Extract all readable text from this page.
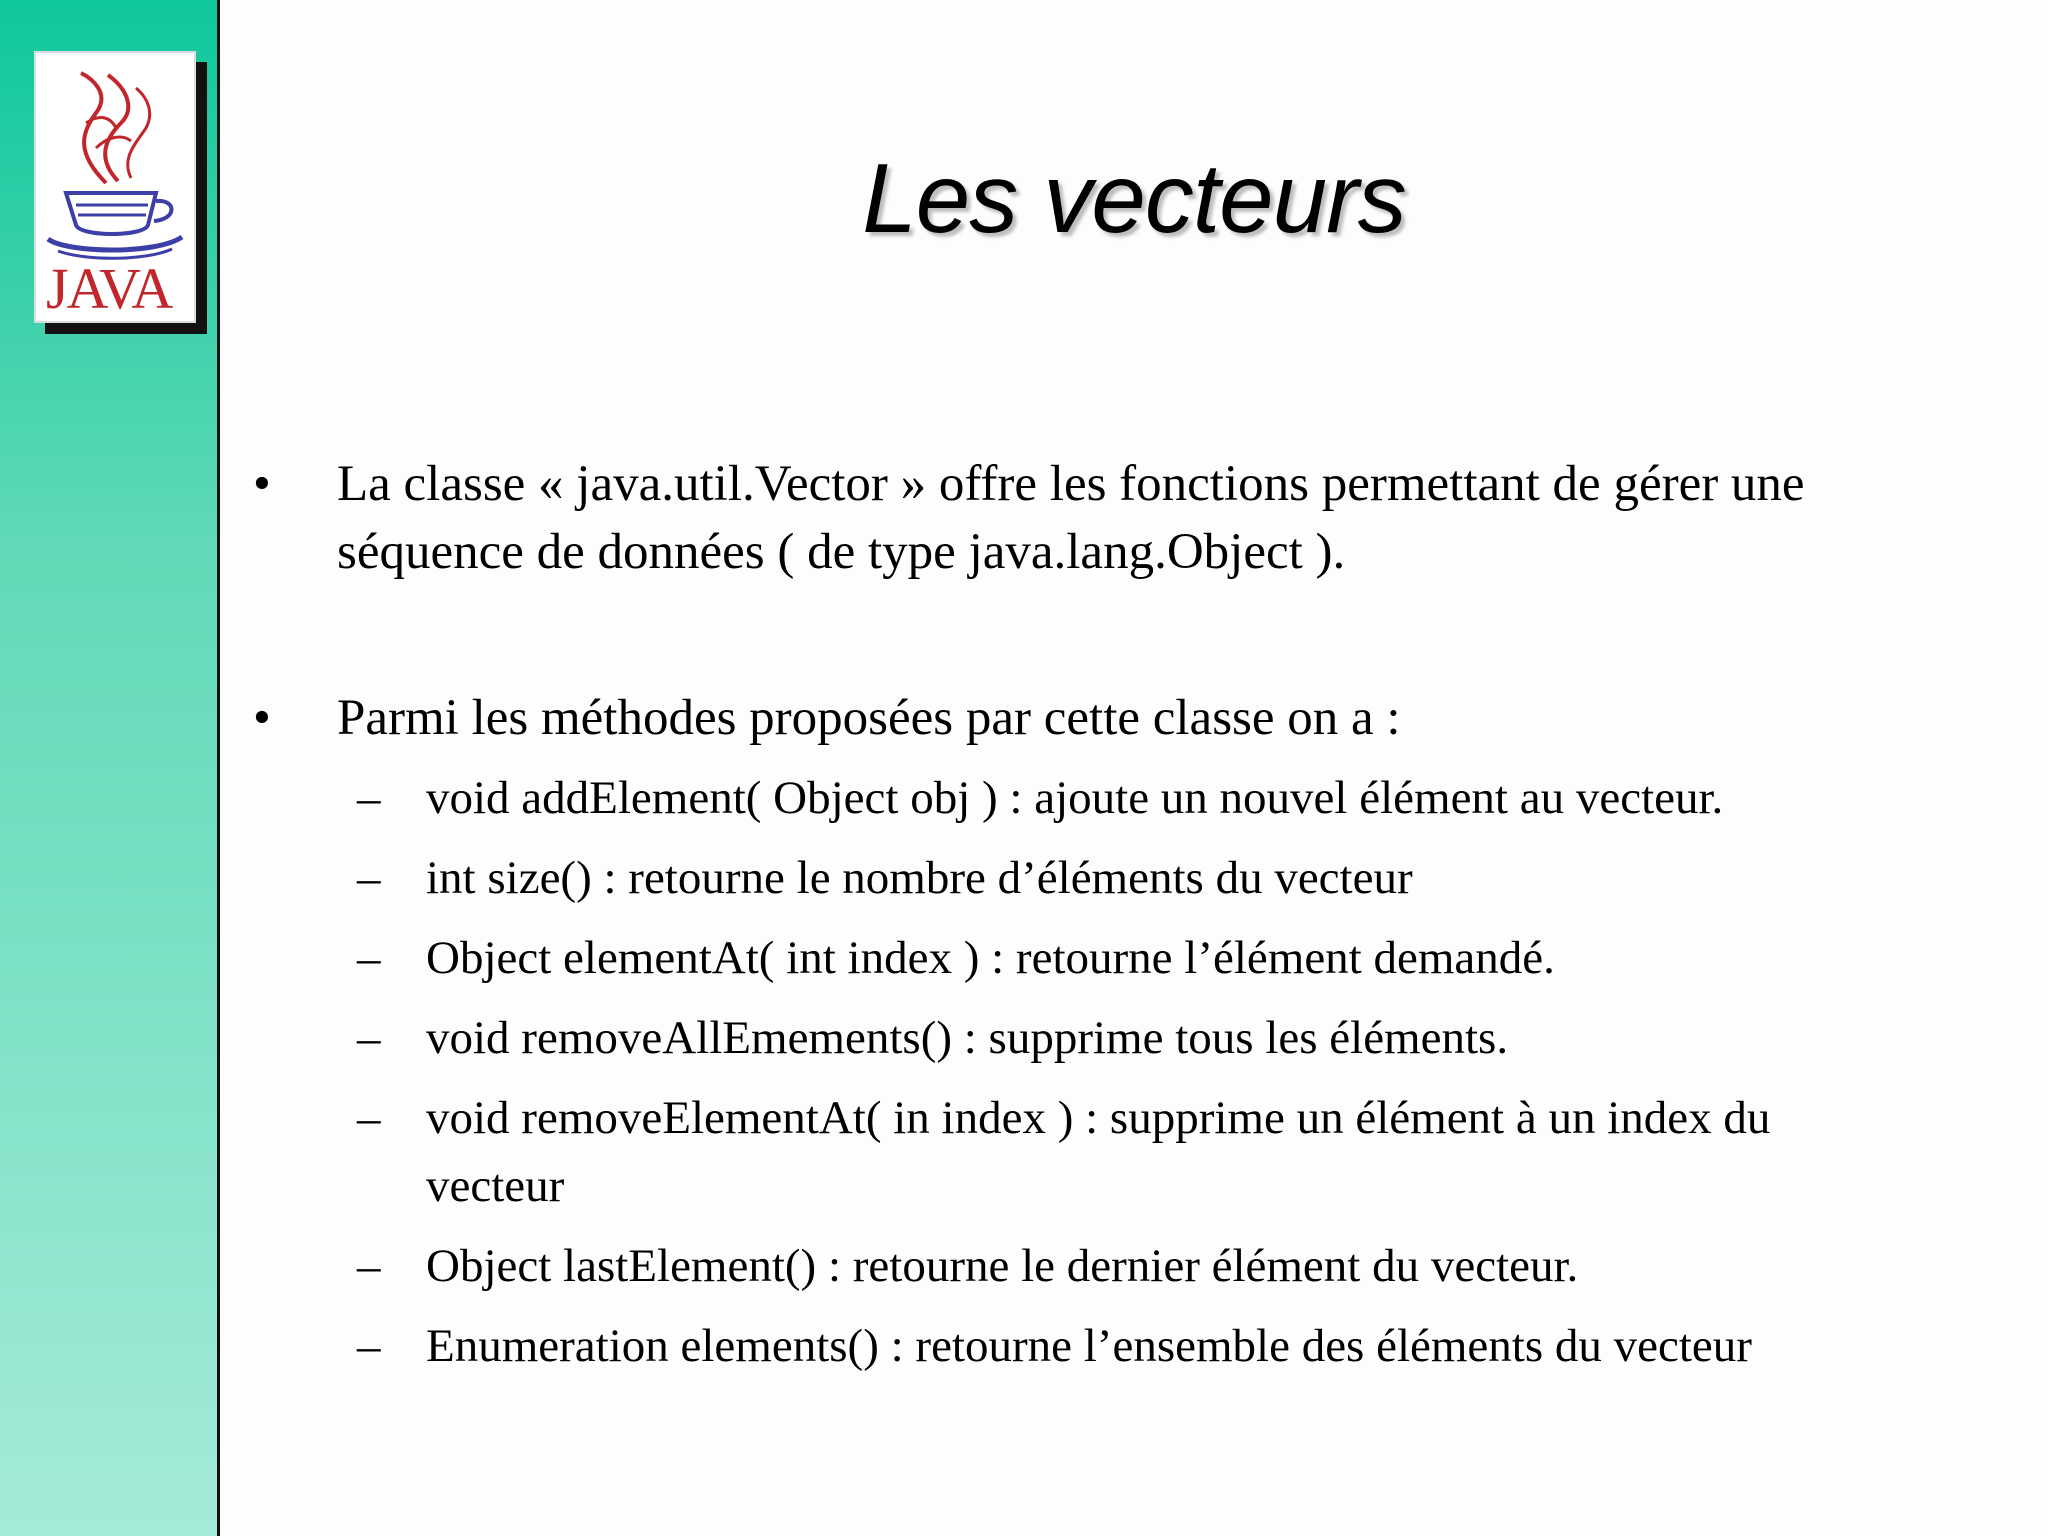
JAVA
Les vecteurs
•	La classe « java.util.Vector » offre les fonctions permettant de gérer une séquence de données ( de type java.lang.Object ).
•	Parmi les méthodes proposées par cette classe on a :
– void addElement( Object obj ) : ajoute un nouvel élément au vecteur.
– int size() : retourne le nombre d’éléments du vecteur
– Object elementAt( int index ) : retourne l’élément demandé.
– void removeAllEmements() : supprime tous les éléments.
– void removeElementAt( in index ) : supprime un élément à un index du vecteur
– Object lastElement() : retourne le dernier élément du vecteur.
– Enumeration elements() : retourne l’ensemble des éléments du vecteur
